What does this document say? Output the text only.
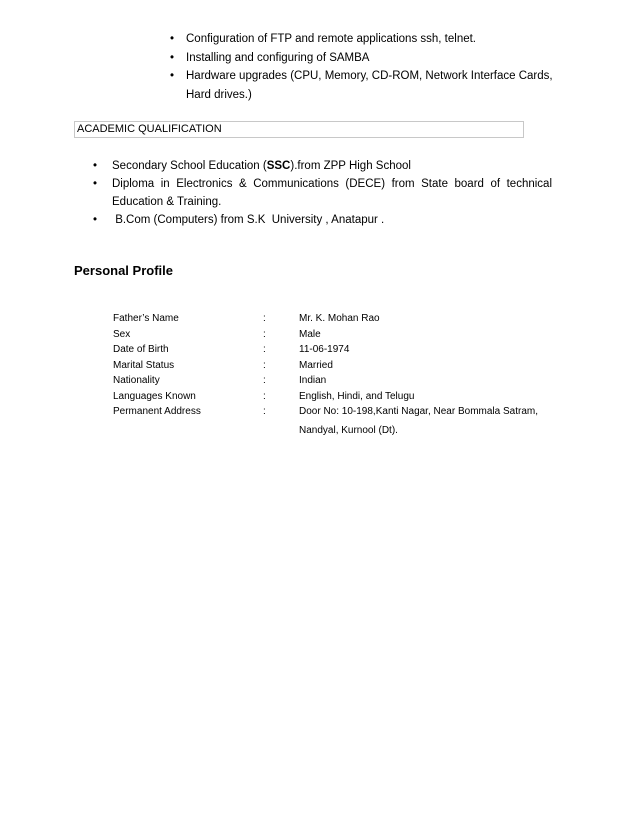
• Configuration of FTP and remote applications ssh, telnet.
• Installing and configuring of SAMBA
• Hardware upgrades (CPU, Memory, CD-ROM, Network Interface Cards, Hard drives.)
ACADEMIC QUALIFICATION
• Secondary School Education (SSC).from ZPP High School
• Diploma in Electronics & Communications (DECE) from State board of technical
Education & Training.
• B.Com (Computers) from S.K  University , Anatapur .
Personal Profile
Father’s Name	:	Mr. K. Mohan Rao
Sex	:	Male
Date of Birth	:	11-06-1974
Marital Status	:	Married
Nationality	:	Indian
Languages Known	:	English, Hindi, and Telugu
Permanent Address	:	Door No: 10-198,Kanti Nagar, Near Bommala Satram,
Nandyal, Kurnool (Dt).
